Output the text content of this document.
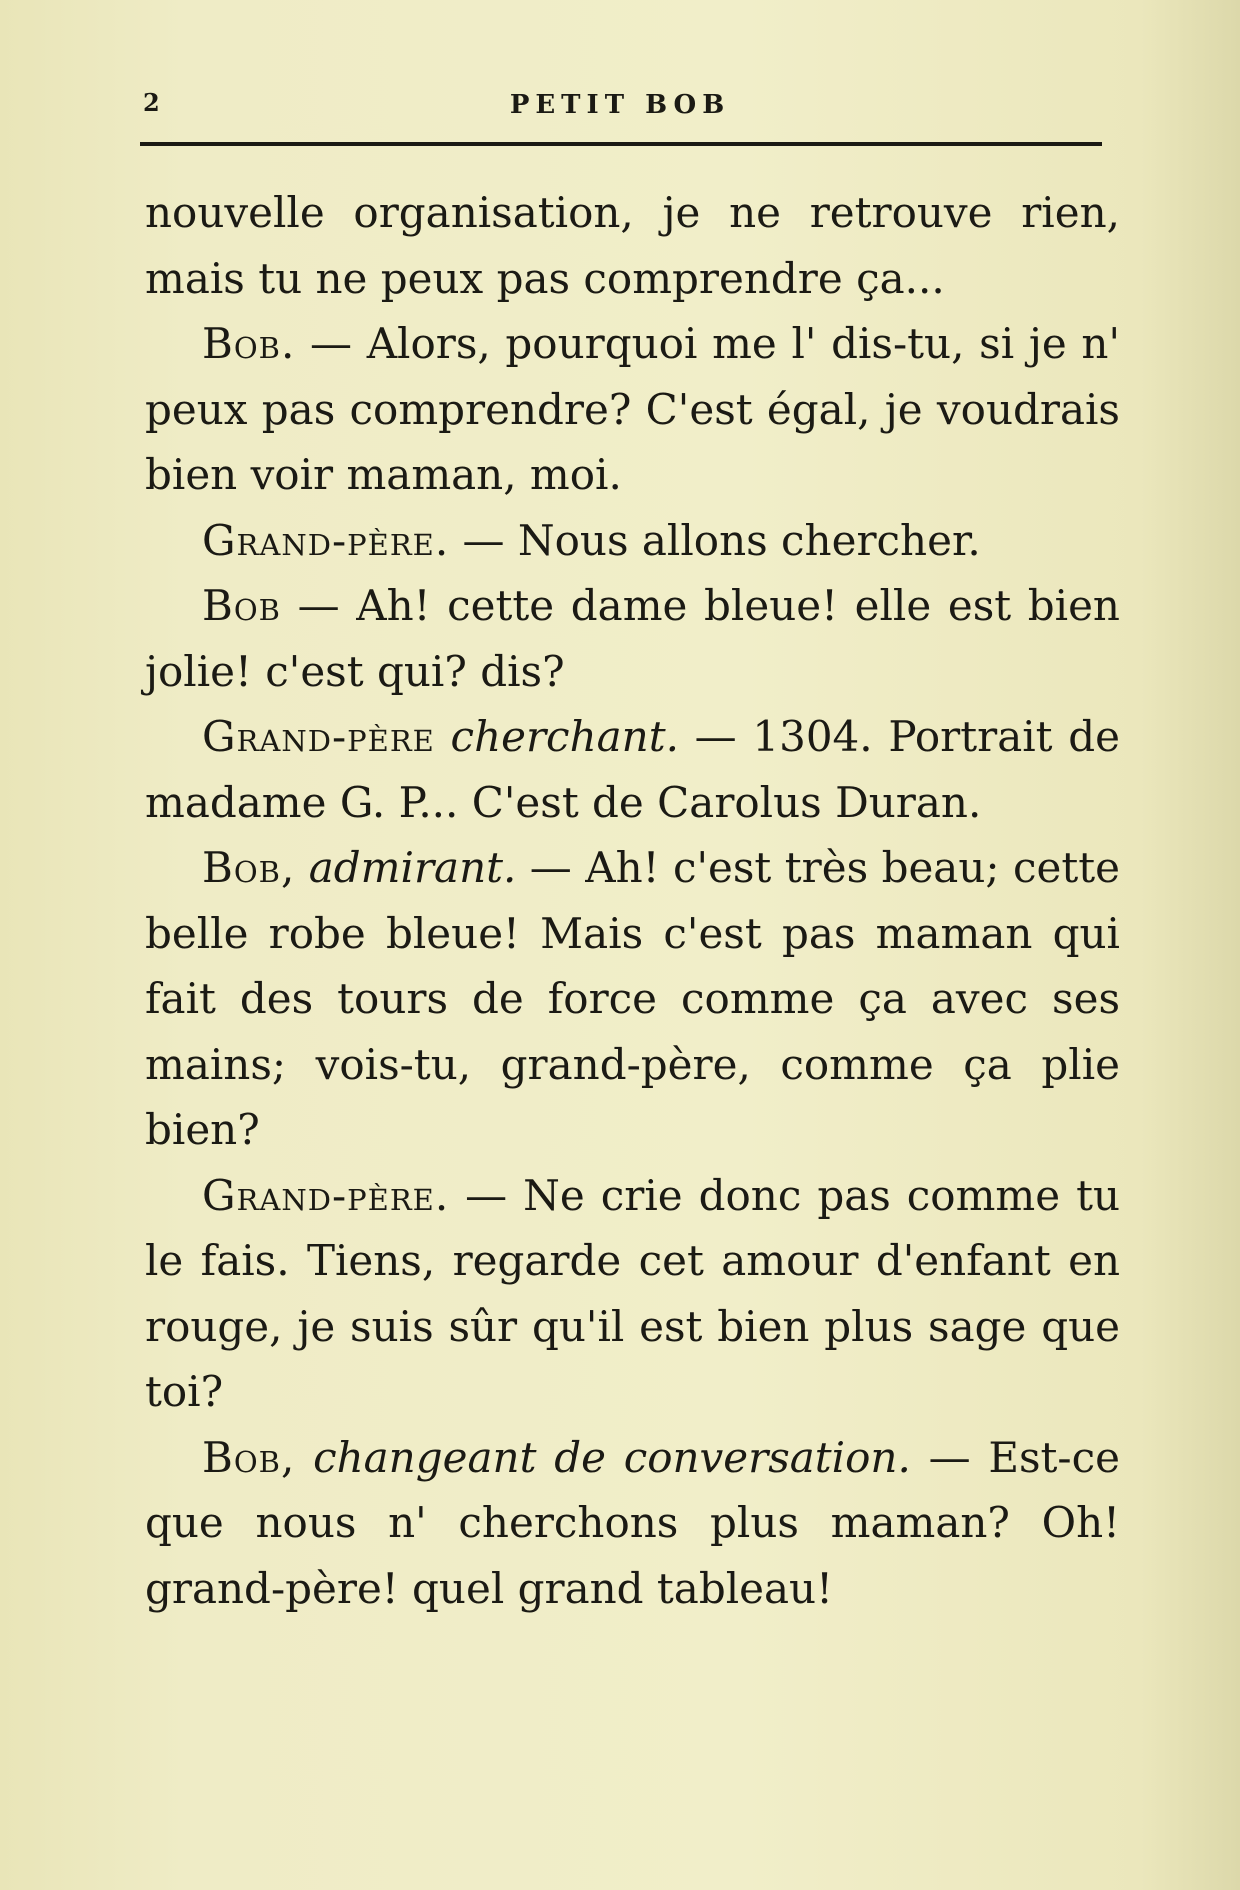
2	PETIT BOB

nouvelle organisation, je ne retrouve rien, mais tu ne peux pas comprendre ça...

Bob. — Alors, pourquoi me l' dis-tu, si je n' peux pas comprendre? C'est égal, je voudrais bien voir maman, moi.

Grand-père. — Nous allons chercher.

Bob — Ah! cette dame bleue! elle est bien jolie! c'est qui? dis?

Grand-père cherchant. — 1304. Portrait de madame G. P... C'est de Carolus Duran.

Bob, admirant. — Ah! c'est très beau; cette belle robe bleue! Mais c'est pas maman qui fait des tours de force comme ça avec ses mains; vois-tu, grand-père, comme ça plie bien?

Grand-père. — Ne crie donc pas comme tu le fais. Tiens, regarde cet amour d'enfant en rouge, je suis sûr qu'il est bien plus sage que toi?

Bob, changeant de conversation. — Est-ce que nous n' cherchons plus maman? Oh! grand-père! quel grand tableau!
